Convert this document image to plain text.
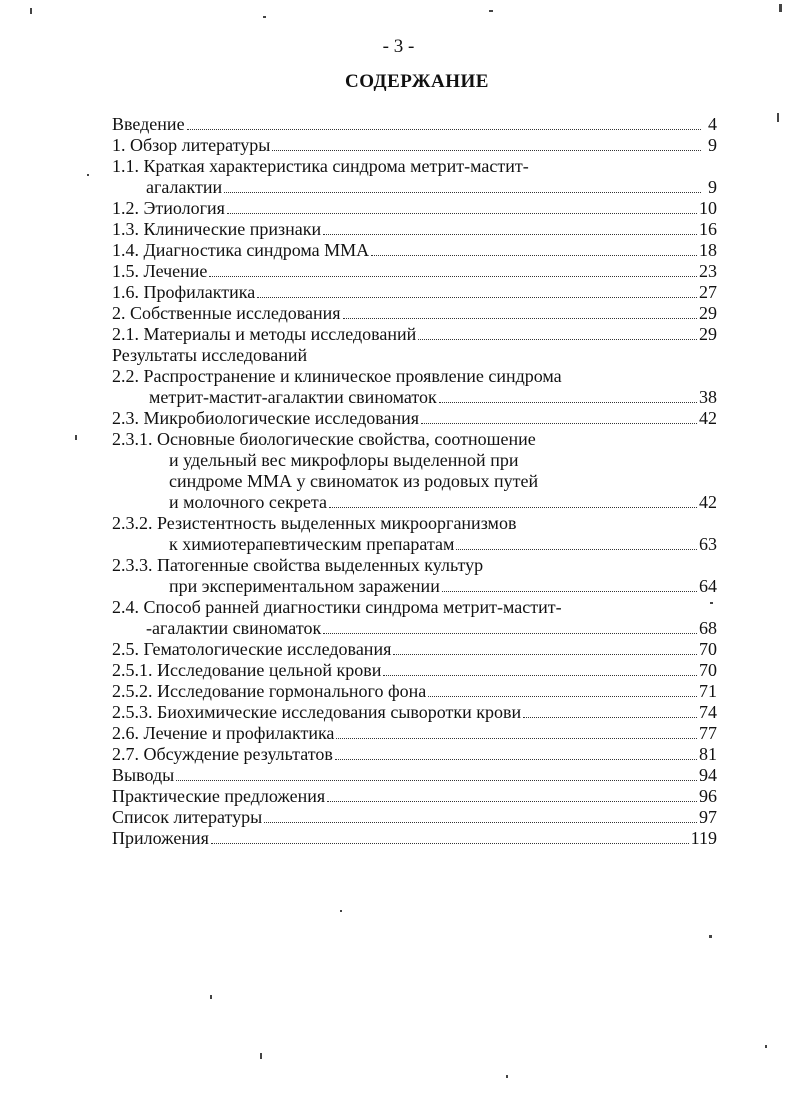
- 3 -
СОДЕРЖАНИЕ
Введение	4
1. Обзор литературы	9
1.1. Краткая характеристика синдрома метрит-мастит-
агалактии	9
1.2. Этиология	10
1.3. Клинические признаки	16
1.4. Диагностика синдрома ММА	18
1.5. Лечение	23
1.6. Профилактика	27
2. Собственные исследования	29
2.1. Материалы и методы исследований	29
Результаты исследований
2.2. Распространение и клиническое проявление синдрома
метрит-мастит-агалактии свиноматок	38
2.3. Микробиологические исследования	42
2.3.1. Основные биологические свойства, соотношение
и удельный вес микрофлоры выделенной при
синдроме ММА у свиноматок из родовых путей
и молочного секрета	42
2.3.2. Резистентность выделенных микроорганизмов
к химиотерапевтическим препаратам	63
2.3.3. Патогенные свойства выделенных культур
при экспериментальном заражении	64
2.4. Способ ранней диагностики синдрома метрит-мастит-
-агалактии свиноматок	68
2.5. Гематологические исследования	70
2.5.1. Исследование цельной крови	70
2.5.2. Исследование гормонального фона	71
2.5.3. Биохимические исследования сыворотки крови	74
2.6. Лечение и профилактика	77
2.7. Обсуждение результатов	81
Выводы	94
Практические предложения	96
Список литературы	97
Приложения	119
